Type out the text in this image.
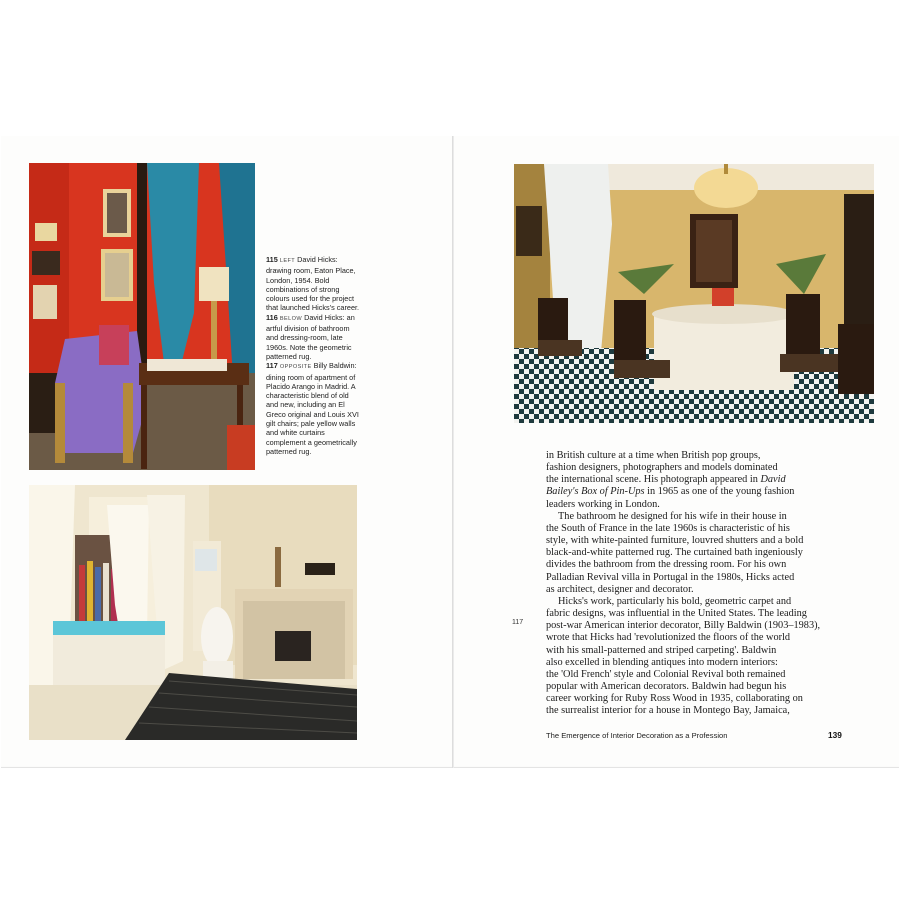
115 LEFT David Hicks: drawing room, Eaton Place, London, 1954. Bold combinations of strong colours used for the project that launched Hicks's career.

116 BELOW David Hicks: an artful division of bathroom and dressing-room, late 1960s. Note the geometric patterned rug.

117 OPPOSITE Billy Baldwin: dining room of apartment of Placido Arango in Madrid. A characteristic blend of old and new, including an El Greco original and Louis XVI gilt chairs; pale yellow walls and white curtains complement a geometrically patterned rug.	in British culture at a time when British pop groups,
fashion designers, photographers and models dominated
the international scene. His photograph appeared in David
Bailey's Box of Pin-Ups in 1965 as one of the young fashion
leaders working in London.
The bathroom he designed for his wife in their house in
the South of France in the late 1960s is characteristic of his
style, with white-painted furniture, louvred shutters and a bold
black-and-white patterned rug. The curtained bath ingeniously
divides the bathroom from the dressing room. For his own
Palladian Revival villa in Portugal in the 1980s, Hicks acted
as architect, designer and decorator.
Hicks's work, particularly his bold, geometric carpet and
fabric designs, was influential in the United States. The leading
post-war American interior decorator, Billy Baldwin (1903–1983),
wrote that Hicks had 'revolutionized the floors of the world
with his small-patterned and striped carpeting'. Baldwin
also excelled in blending antiques into modern interiors:
the 'Old French' style and Colonial Revival both remained
popular with American decorators. Baldwin had begun his
career working for Ruby Ross Wood in 1935, collaborating on
the surrealist interior for a house in Montego Bay, Jamaica,
117
The Emergence of Interior Decoration as a Profession	139
